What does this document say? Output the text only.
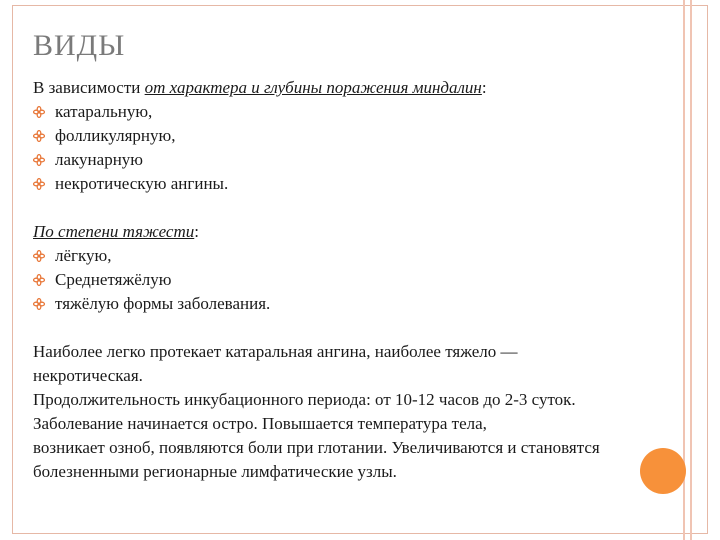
ВИДЫ
В зависимости от характера и глубины поражения миндалин:
катаральную,
фолликулярную,
лакунарную
некротическую ангины.
По степени тяжести:
лёгкую,
Среднетяжёлую
тяжёлую формы заболевания.

Наиболее легко протекает катаральная ангина, наиболее тяжело —

некротическая.

Продолжительность инкубационного периода: от 10-12 часов до 2-3 суток.

Заболевание начинается остро. Повышается температура тела,

возникает озноб, появляются боли при глотании. Увеличиваются и становятся

болезненными регионарные лимфатические узлы.
